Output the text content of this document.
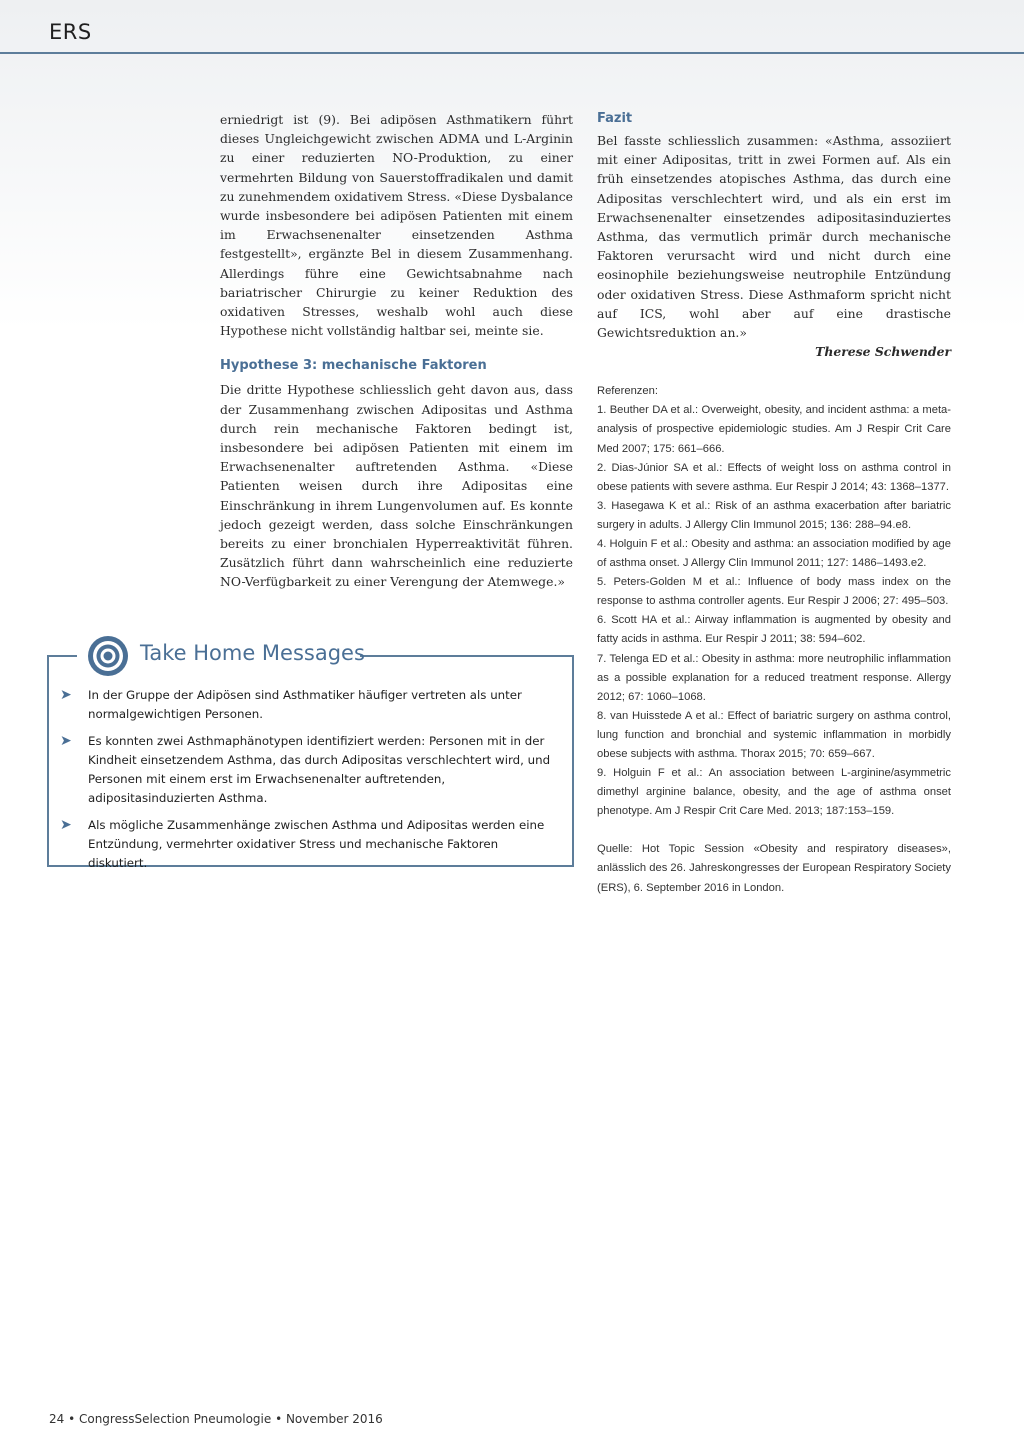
ERS

erniedrigt ist (9). Bei adipösen Asthmatikern führt dieses Ungleichgewicht zwischen ADMA und L-Arginin zu einer reduzierten NO-Produktion, zu einer vermehrten Bildung von Sauerstoffradikalen und damit zu zunehmendem oxidativem Stress. «Diese Dysbalance wurde insbesondere bei adipösen Patienten mit einem im Erwachsenenalter einsetzenden Asthma festgestellt», ergänzte Bel in diesem Zusammenhang. Allerdings führe eine Gewichtsabnahme nach bariatrischer Chirurgie zu keiner Reduktion des oxidativen Stresses, weshalb wohl auch diese Hypothese nicht vollständig haltbar sei, meinte sie.

Hypothese 3: mechanische Faktoren

Die dritte Hypothese schliesslich geht davon aus, dass der Zusammenhang zwischen Adipositas und Asthma durch rein mechanische Faktoren bedingt ist, insbesondere bei adipösen Patienten mit einem im Erwachsenenalter auftretenden Asthma. «Diese Patienten weisen durch ihre Adipositas eine Einschränkung in ihrem Lungenvolumen auf. Es konnte jedoch gezeigt werden, dass solche Einschränkungen bereits zu einer bronchialen Hyperreaktivität führen. Zusätzlich führt dann wahrscheinlich eine reduzierte NO-Verfügbarkeit zu einer Verengung der Atemwege.»

Fazit

Bel fasste schliesslich zusammen: «Asthma, assoziiert mit einer Adipositas, tritt in zwei Formen auf. Als ein früh einsetzendes atopisches Asthma, das durch eine Adipositas verschlechtert wird, und als ein erst im Erwachsenenalter einsetzendes adipositasinduziertes Asthma, das vermutlich primär durch mechanische Faktoren verursacht wird und nicht durch eine eosinophile beziehungsweise neutrophile Entzündung oder oxidativen Stress. Diese Asthmaform spricht nicht auf ICS, wohl aber auf eine drastische Gewichtsreduktion an.»

Therese Schwender

Referenzen:

1. Beuther DA et al.: Overweight, obesity, and incident asthma: a meta-analysis of prospective epidemiologic studies. Am J Respir Crit Care Med 2007; 175: 661–666.

2. Dias-Júnior SA et al.: Effects of weight loss on asthma control in obese patients with severe asthma. Eur Respir J 2014; 43: 1368–1377.

3. Hasegawa K et al.: Risk of an asthma exacerbation after bariatric surgery in adults. J Allergy Clin Immunol 2015; 136: 288–94.e8.

4. Holguin F et al.: Obesity and asthma: an association modified by age of asthma onset. J Allergy Clin Immunol 2011; 127: 1486–1493.e2.

5. Peters-Golden M et al.: Influence of body mass index on the response to asthma controller agents. Eur Respir J 2006; 27: 495–503.

6. Scott HA et al.: Airway inflammation is augmented by obesity and fatty acids in asthma. Eur Respir J 2011; 38: 594–602.

7. Telenga ED et al.: Obesity in asthma: more neutrophilic inflammation as a possible explanation for a reduced treatment response. Allergy 2012; 67: 1060–1068.

8. van Huisstede A et al.: Effect of bariatric surgery on asthma control, lung function and bronchial and systemic inflammation in morbidly obese subjects with asthma. Thorax 2015; 70: 659–667.

9. Holguin F et al.: An association between L-arginine/asymmetric dimethyl arginine balance, obesity, and the age of asthma onset phenotype. Am J Respir Crit Care Med. 2013; 187:153–159.

Quelle: Hot Topic Session «Obesity and respiratory diseases», anlässlich des 26. Jahreskongresses der European Respiratory Society (ERS), 6. September 2016 in London.

Take Home Messages
➤ In der Gruppe der Adipösen sind Asthmatiker häufiger vertreten als unter normalgewichtigen Personen.

➤ Es konnten zwei Asthmaphänotypen identifiziert werden: Personen mit in der Kindheit einsetzendem Asthma, das durch Adipositas verschlechtert wird, und Personen mit einem erst im Erwachsenenalter auftretenden, adipositasinduzierten Asthma.

➤ Als mögliche Zusammenhänge zwischen Asthma und Adipositas werden eine Entzündung, vermehrter oxidativer Stress und mechanische Faktoren diskutiert.

24 • CongressSelection Pneumologie • November 2016
